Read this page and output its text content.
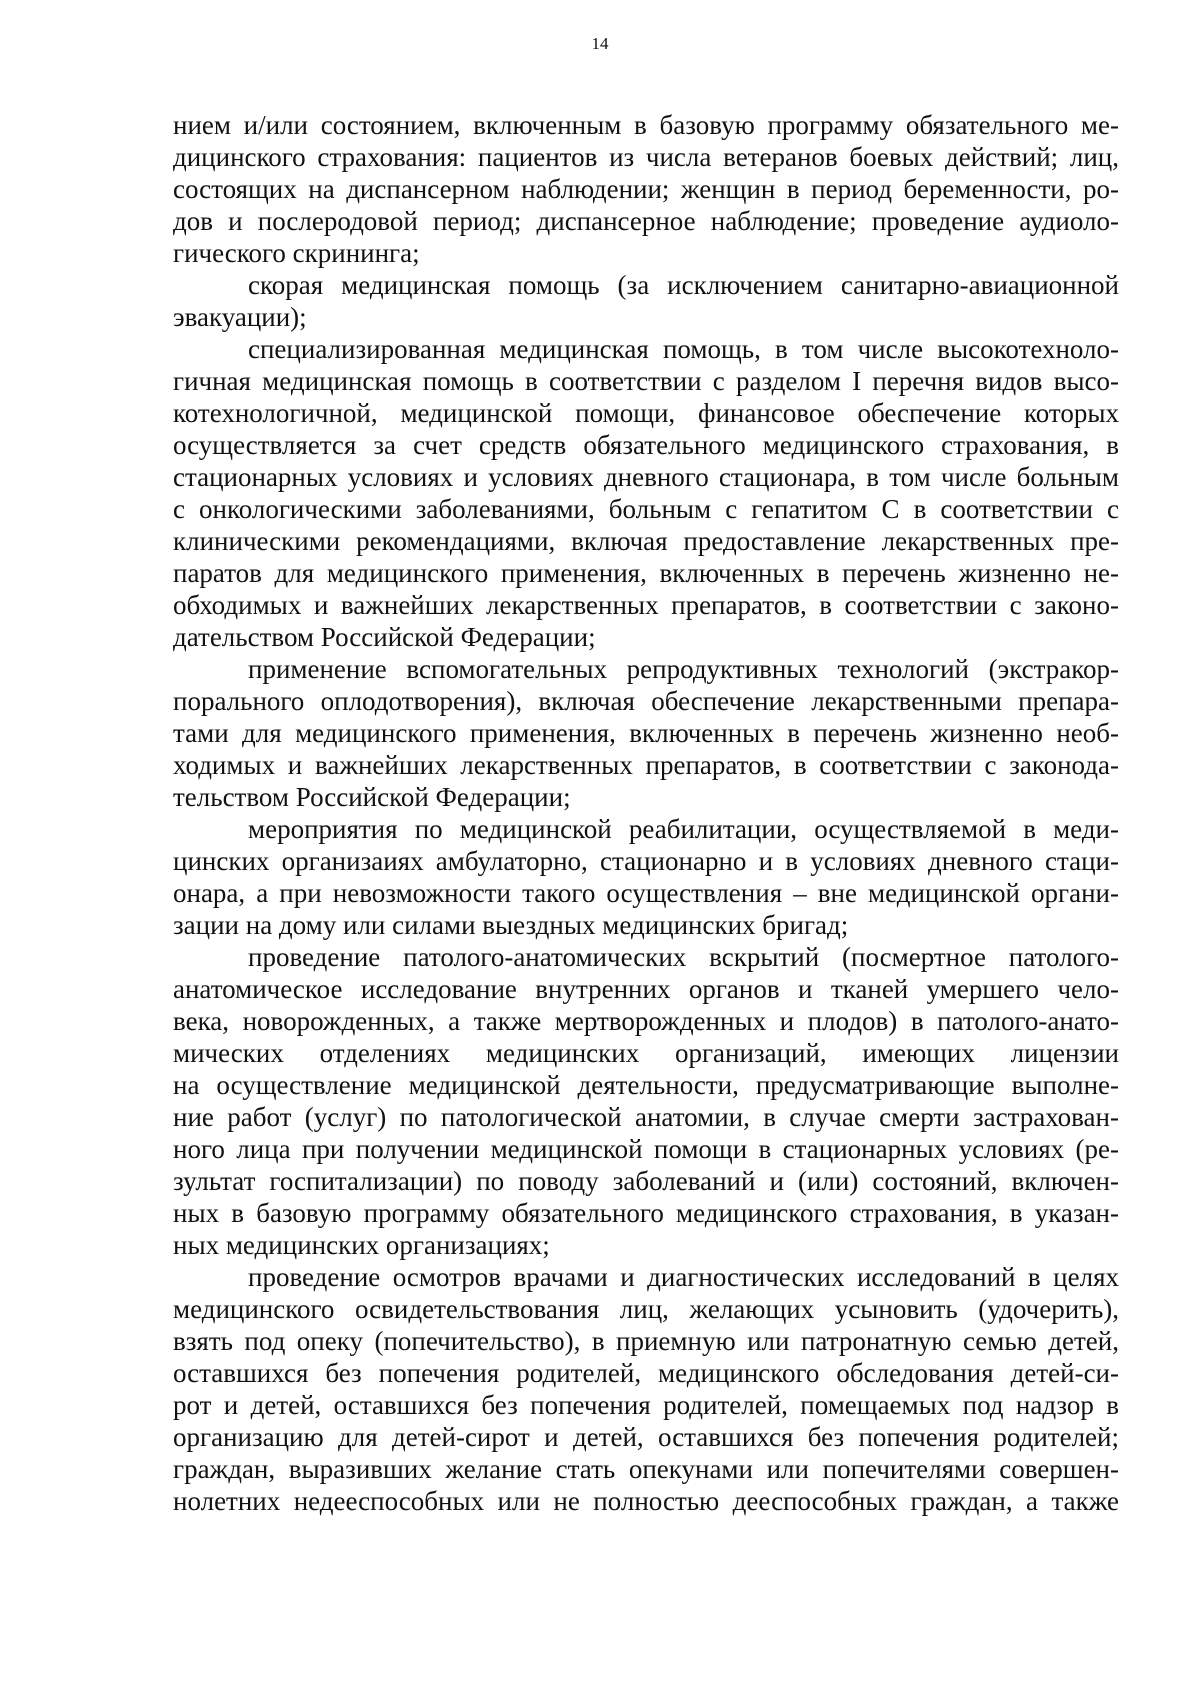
14
нием и/или состоянием, включенным в базовую программу обязательного ме-
дицинского страхования: пациентов из числа ветеранов боевых действий; лиц,
состоящих на диспансерном наблюдении; женщин в период беременности, ро-
дов и послеродовой период; диспансерное наблюдение; проведение аудиоло-
гического скрининга;
скорая медицинская помощь (за исключением санитарно-авиационной
эвакуации);
специализированная медицинская помощь, в том числе высокотехноло-
гичная медицинская помощь в соответствии с разделом I перечня видов высо-
котехнологичной, медицинской помощи, финансовое обеспечение которых
осуществляется за счет средств обязательного медицинского страхования, в
стационарных условиях и условиях дневного стационара, в том числе больным
с онкологическими заболеваниями, больным с гепатитом С в соответствии с
клиническими рекомендациями, включая предоставление лекарственных пре-
паратов для медицинского применения, включенных в перечень жизненно не-
обходимых и важнейших лекарственных препаратов, в соответствии с законо-
дательством Российской Федерации;
применение вспомогательных репродуктивных технологий (экстракор-
порального оплодотворения), включая обеспечение лекарственными препара-
тами для медицинского применения, включенных в перечень жизненно необ-
ходимых и важнейших лекарственных препаратов, в соответствии с законода-
тельством Российской Федерации;
мероприятия по медицинской реабилитации, осуществляемой в меди-
цинских организаиях амбулаторно, стационарно и в условиях дневного стаци-
онара, а при невозможности такого осуществления – вне медицинской органи-
зации на дому или силами выездных медицинских бригад;
проведение патолого-анатомических вскрытий (посмертное патолого-
анатомическое исследование внутренних органов и тканей умершего чело-
века, новорожденных, а также мертворожденных и плодов) в патолого-анато-
мических отделениях медицинских организаций, имеющих лицензии
на осуществление медицинской деятельности, предусматривающие выполне-
ние работ (услуг) по патологической анатомии, в случае смерти застрахован-
ного лица при получении медицинской помощи в стационарных условиях (ре-
зультат госпитализации) по поводу заболеваний и (или) состояний, включен-
ных в базовую программу обязательного медицинского страхования, в указан-
ных медицинских организациях;
проведение осмотров врачами и диагностических исследований в целях
медицинского освидетельствования лиц, желающих усыновить (удочерить),
взять под опеку (попечительство), в приемную или патронатную семью детей,
оставшихся без попечения родителей, медицинского обследования детей-си-
рот и детей, оставшихся без попечения родителей, помещаемых под надзор в
организацию для детей-сирот и детей, оставшихся без попечения родителей;
граждан, выразивших желание стать опекунами или попечителями совершен-
нолетних недееспособных или не полностью дееспособных граждан, а также
